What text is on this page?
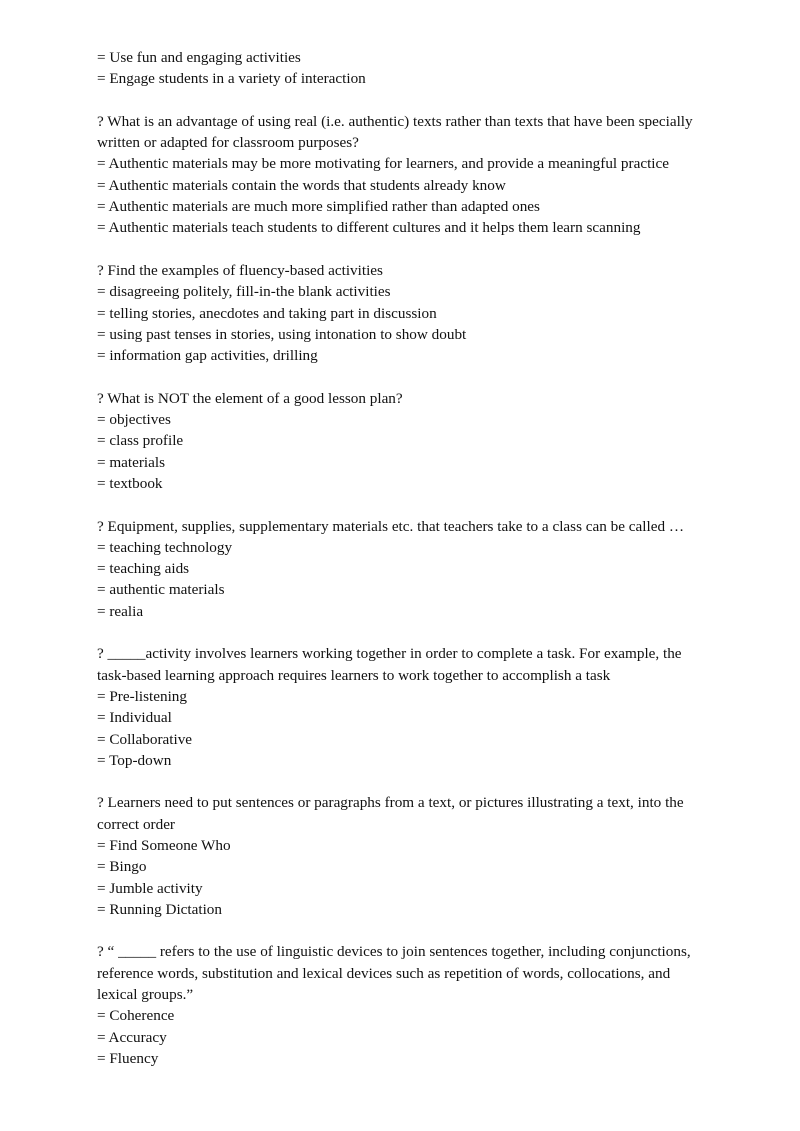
= Use fun and engaging activities
= Engage students in a variety of interaction
? What is an advantage of using real (i.e. authentic) texts rather than texts that have been specially
written or adapted for classroom purposes?
= Authentic materials may be more motivating for learners, and provide a meaningful practice
= Authentic materials contain the words that students already know
= Authentic materials are much more simplified rather than adapted ones
= Authentic materials teach students to different cultures and it helps them learn scanning
? Find the examples of fluency-based activities
= disagreeing politely, fill-in-the blank activities
= telling stories, anecdotes and taking part in discussion
= using past tenses in stories, using intonation to show doubt
= information gap activities, drilling
? What is NOT the element of a good lesson plan?
= objectives
= class profile
= materials
= textbook
? Equipment, supplies, supplementary materials etc. that teachers take to a class can be called …
= teaching technology
= teaching aids
= authentic materials
= realia
? _____activity involves learners working together in order to complete a task. For example, the
task-based learning approach requires learners to work together to accomplish a task
= Pre-listening
= Individual
= Collaborative
= Top-down
? Learners need to put sentences or paragraphs from a text, or pictures illustrating a text, into the
correct order
= Find Someone Who
= Bingo
= Jumble activity
= Running Dictation
? “ _____ refers to the use of linguistic devices to join sentences together, including conjunctions,
reference words, substitution and lexical devices such as repetition of words, collocations, and
lexical groups.”
= Coherence
= Accuracy
= Fluency
